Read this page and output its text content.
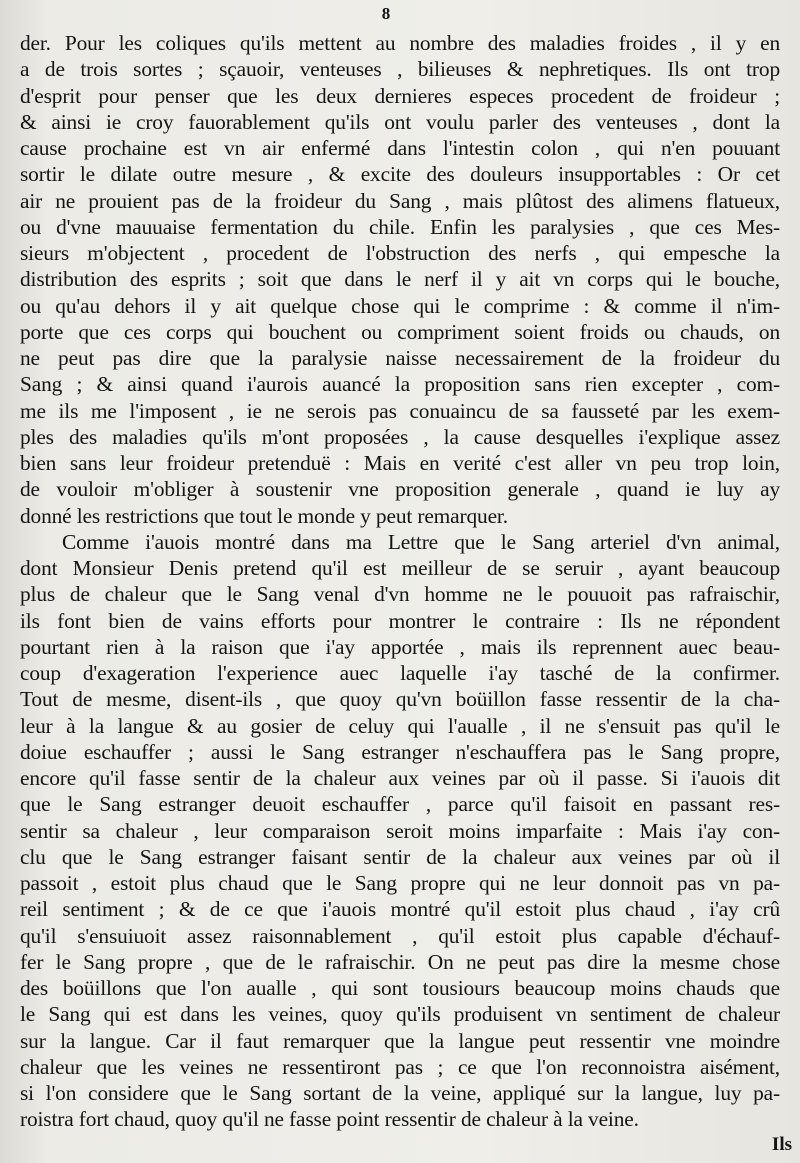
8
der. Pour les coliques qu'ils mettent au nombre des maladies froides , il y en
a de trois sortes ; sçauoir, venteuses , bilieuses & nephretiques. Ils ont trop
d'esprit pour penser que les deux dernieres especes procedent de froideur ;
& ainsi ie croy fauorablement qu'ils ont voulu parler des venteuses , dont la
cause prochaine est vn air enfermé dans l'intestin colon , qui n'en pouuant
sortir le dilate outre mesure , & excite des douleurs insupportables : Or cet
air ne prouient pas de la froideur du Sang , mais plûtost des alimens flatueux,
ou d'vne mauuaise fermentation du chile. Enfin les paralysies , que ces Mes-
sieurs m'objectent , procedent de l'obstruction des nerfs , qui empesche la
distribution des esprits ; soit que dans le nerf il y ait vn corps qui le bouche,
ou qu'au dehors il y ait quelque chose qui le comprime : & comme il n'im-
porte que ces corps qui bouchent ou compriment soient froids ou chauds, on
ne peut pas dire que la paralysie naisse necessairement de la froideur du
Sang ; & ainsi quand i'aurois auancé la proposition sans rien excepter , com-
me ils me l'imposent , ie ne serois pas conuaincu de sa fausseté par les exem-
ples des maladies qu'ils m'ont proposées , la cause desquelles i'explique assez
bien sans leur froideur pretenduë : Mais en verité c'est aller vn peu trop loin,
de vouloir m'obliger à soustenir vne proposition generale , quand ie luy ay
donné les restrictions que tout le monde y peut remarquer.
Comme i'auois montré dans ma Lettre que le Sang arteriel d'vn animal,
dont Monsieur Denis pretend qu'il est meilleur de se seruir , ayant beaucoup
plus de chaleur que le Sang venal d'vn homme ne le pouuoit pas rafraischir,
ils font bien de vains efforts pour montrer le contraire : Ils ne répondent
pourtant rien à la raison que i'ay apportée , mais ils reprennent auec beau-
coup d'exageration l'experience auec laquelle i'ay tasché de la confirmer.
Tout de mesme, disent-ils , que quoy qu'vn boüillon fasse ressentir de la cha-
leur à la langue & au gosier de celuy qui l'aualle , il ne s'ensuit pas qu'il le
doiue eschauffer ; aussi le Sang estranger n'eschauffera pas le Sang propre,
encore qu'il fasse sentir de la chaleur aux veines par où il passe. Si i'auois dit
que le Sang estranger deuoit eschauffer , parce qu'il faisoit en passant res-
sentir sa chaleur , leur comparaison seroit moins imparfaite : Mais i'ay con-
clu que le Sang estranger faisant sentir de la chaleur aux veines par où il
passoit , estoit plus chaud que le Sang propre qui ne leur donnoit pas vn pa-
reil sentiment ; & de ce que i'auois montré qu'il estoit plus chaud , i'ay crû
qu'il s'ensuiuoit assez raisonnablement , qu'il estoit plus capable d'échauf-
fer le Sang propre , que de le rafraischir. On ne peut pas dire la mesme chose
des boüillons que l'on aualle , qui sont tousiours beaucoup moins chauds que
le Sang qui est dans les veines, quoy qu'ils produisent vn sentiment de chaleur
sur la langue. Car il faut remarquer que la langue peut ressentir vne moindre
chaleur que les veines ne ressentiront pas ; ce que l'on reconnoistra aisément,
si l'on considere que le Sang sortant de la veine, appliqué sur la langue, luy pa-
roistra fort chaud, quoy qu'il ne fasse point ressentir de chaleur à la veine.
Ils
